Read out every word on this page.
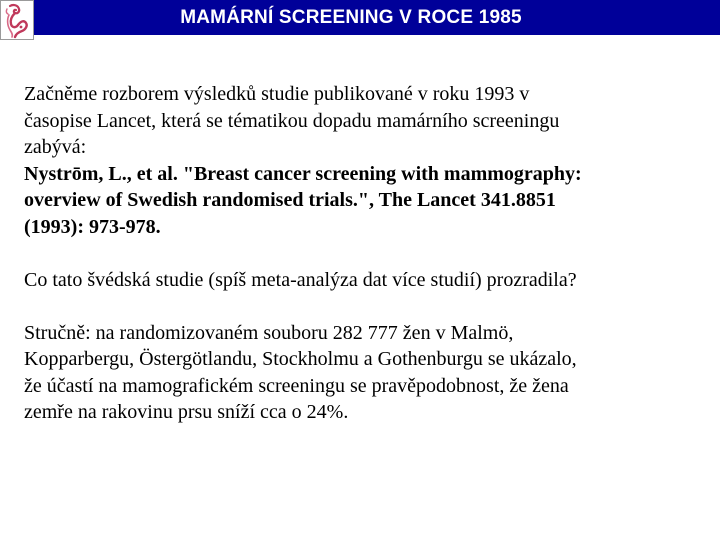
MAMÁRNÍ SCREENING V ROCE 1985

Začněme rozborem výsledků studie publikované v roku 1993 v
časopise Lancet, která se tématikou dopadu mamárního screeningu
zabývá:
Nystrōm, L., et al. "Breast cancer screening with mammography:
overview of Swedish randomised trials.", The Lancet 341.8851
(1993): 973-978.

Co tato švédská studie (spíš meta-analýza dat více studií) prozradila?

Stručně: na randomizovaném souboru 282 777 žen v Malmö,
Kopparbergu, Östergötlandu, Stockholmu a Gothenburgu se ukázalo,
že účastí na mamografickém screeningu se pravěpodobnost, že žena
zemře na rakovinu prsu sníží cca o 24%.
